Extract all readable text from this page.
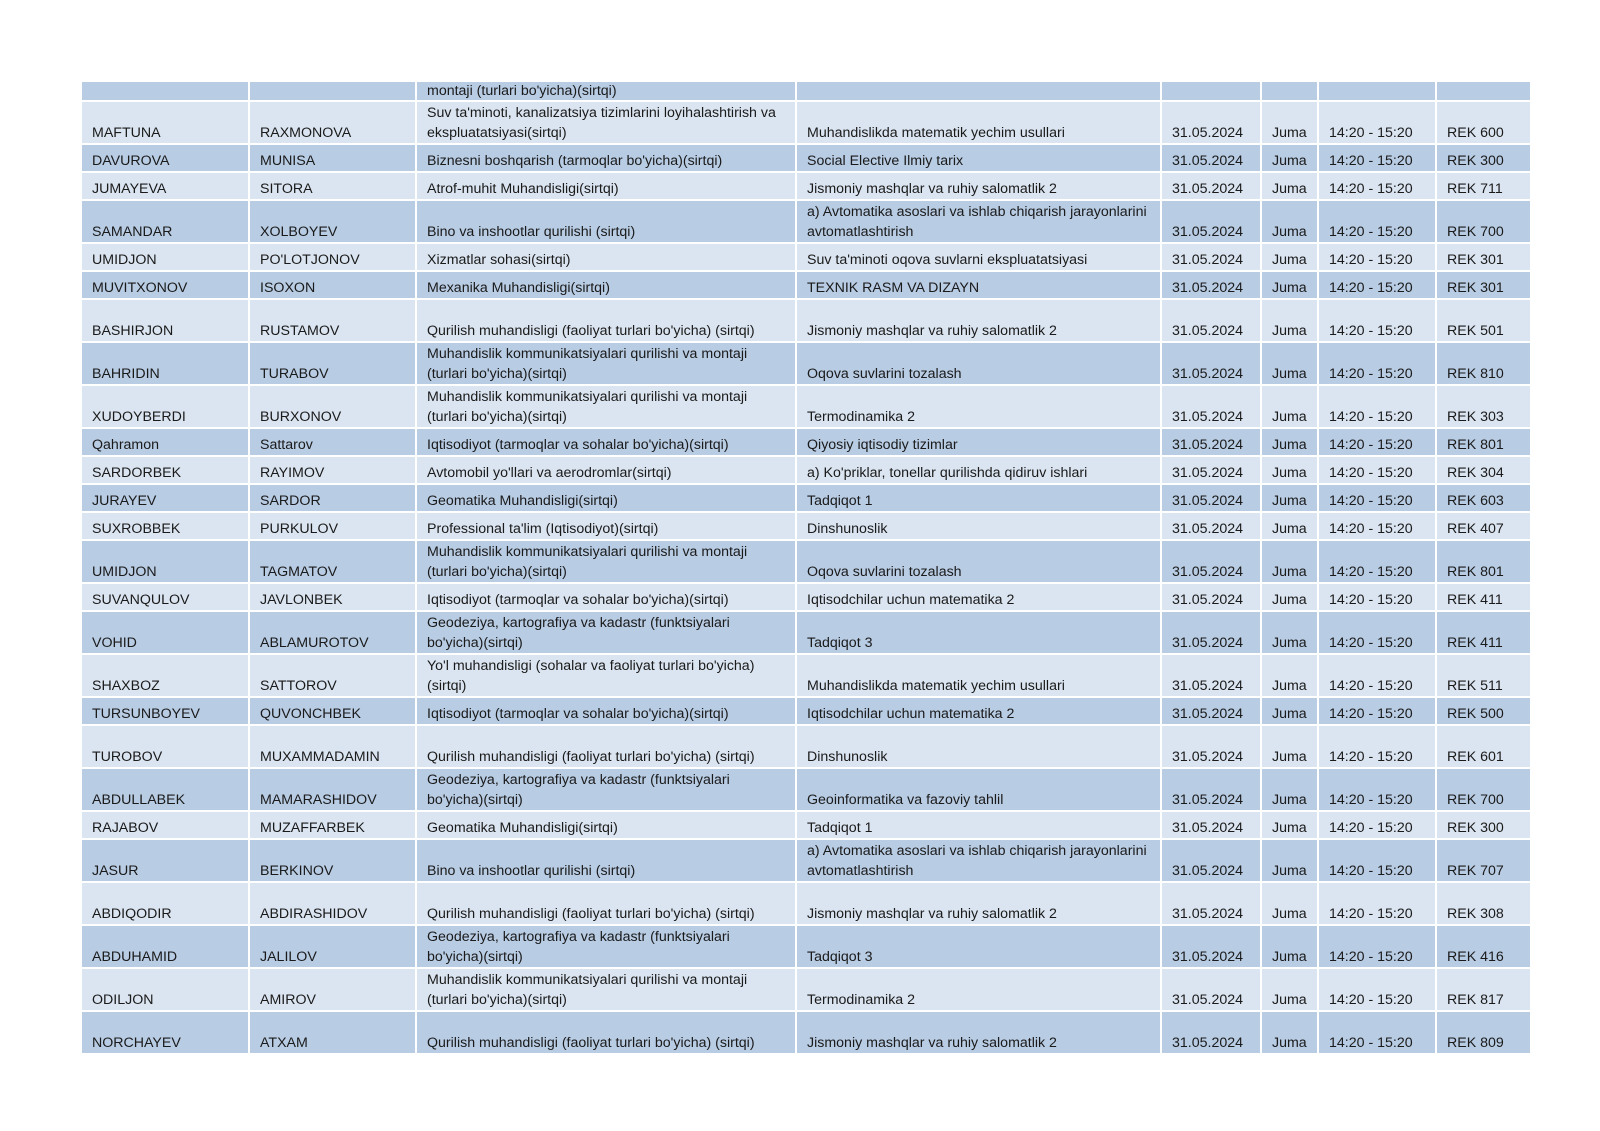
		montaji (turlari bo'yicha)(sirtqi)					
MAFTUNA	RAXMONOVA	Suv ta'minoti, kanalizatsiya tizimlarini loyihalashtirish va ekspluatatsiyasi(sirtqi)	Muhandislikda matematik yechim usullari	31.05.2024	Juma	14:20 - 15:20	REK 600
DAVUROVA	MUNISA	Biznesni boshqarish (tarmoqlar bo'yicha)(sirtqi)	Social Elective Ilmiy tarix	31.05.2024	Juma	14:20 - 15:20	REK 300
JUMAYEVA	SITORA	Atrof-muhit Muhandisligi(sirtqi)	Jismoniy mashqlar va ruhiy salomatlik 2	31.05.2024	Juma	14:20 - 15:20	REK 711
SAMANDAR	XOLBOYEV	Bino va inshootlar qurilishi (sirtqi)	a) Avtomatika asoslari va ishlab chiqarish jarayonlarini avtomatlashtirish	31.05.2024	Juma	14:20 - 15:20	REK 700
UMIDJON	PO'LOTJONOV	Xizmatlar sohasi(sirtqi)	Suv ta'minoti oqova suvlarni ekspluatatsiyasi	31.05.2024	Juma	14:20 - 15:20	REK 301
MUVITXONOV	ISOXON	Mexanika Muhandisligi(sirtqi)	TEXNIK RASM VA DIZAYN	31.05.2024	Juma	14:20 - 15:20	REK 301
BASHIRJON	RUSTAMOV	Qurilish muhandisligi (faoliyat turlari bo'yicha) (sirtqi)	Jismoniy mashqlar va ruhiy salomatlik 2	31.05.2024	Juma	14:20 - 15:20	REK 501
BAHRIDIN	TURABOV	Muhandislik kommunikatsiyalari qurilishi va montaji (turlari bo'yicha)(sirtqi)	Oqova suvlarini tozalash	31.05.2024	Juma	14:20 - 15:20	REK 810
XUDOYBERDI	BURXONOV	Muhandislik kommunikatsiyalari qurilishi va montaji (turlari bo'yicha)(sirtqi)	Termodinamika 2	31.05.2024	Juma	14:20 - 15:20	REK 303
Qahramon	Sattarov	Iqtisodiyot (tarmoqlar va sohalar bo'yicha)(sirtqi)	Qiyosiy iqtisodiy tizimlar	31.05.2024	Juma	14:20 - 15:20	REK 801
SARDORBEK	RAYIMOV	Avtomobil yo'llari va aerodromlar(sirtqi)	a) Ko'priklar, tonellar qurilishda qidiruv ishlari	31.05.2024	Juma	14:20 - 15:20	REK 304
JURAYEV	SARDOR	Geomatika Muhandisligi(sirtqi)	Tadqiqot 1	31.05.2024	Juma	14:20 - 15:20	REK 603
SUXROBBEK	PURKULOV	Professional ta'lim (Iqtisodiyot)(sirtqi)	Dinshunoslik	31.05.2024	Juma	14:20 - 15:20	REK 407
UMIDJON	TAGMATOV	Muhandislik kommunikatsiyalari qurilishi va montaji (turlari bo'yicha)(sirtqi)	Oqova suvlarini tozalash	31.05.2024	Juma	14:20 - 15:20	REK 801
SUVANQULOV	JAVLONBEK	Iqtisodiyot (tarmoqlar va sohalar bo'yicha)(sirtqi)	Iqtisodchilar uchun matematika 2	31.05.2024	Juma	14:20 - 15:20	REK 411
VOHID	ABLAMUROTOV	Geodeziya, kartografiya va kadastr (funktsiyalari bo'yicha)(sirtqi)	Tadqiqot 3	31.05.2024	Juma	14:20 - 15:20	REK 411
SHAXBOZ	SATTOROV	Yo'l muhandisligi (sohalar va faoliyat turlari bo'yicha)(sirtqi)	Muhandislikda matematik yechim usullari	31.05.2024	Juma	14:20 - 15:20	REK 511
TURSUNBOYEV	QUVONCHBEK	Iqtisodiyot (tarmoqlar va sohalar bo'yicha)(sirtqi)	Iqtisodchilar uchun matematika 2	31.05.2024	Juma	14:20 - 15:20	REK 500
TUROBOV	MUXAMMADAMIN	Qurilish muhandisligi (faoliyat turlari bo'yicha) (sirtqi)	Dinshunoslik	31.05.2024	Juma	14:20 - 15:20	REK 601
ABDULLABEK	MAMARASHIDOV	Geodeziya, kartografiya va kadastr (funktsiyalari bo'yicha)(sirtqi)	Geoinformatika va fazoviy tahlil	31.05.2024	Juma	14:20 - 15:20	REK 700
RAJABOV	MUZAFFARBEK	Geomatika Muhandisligi(sirtqi)	Tadqiqot 1	31.05.2024	Juma	14:20 - 15:20	REK 300
JASUR	BERKINOV	Bino va inshootlar qurilishi (sirtqi)	a) Avtomatika asoslari va ishlab chiqarish jarayonlarini avtomatlashtirish	31.05.2024	Juma	14:20 - 15:20	REK 707
ABDIQODIR	ABDIRASHIDOV	Qurilish muhandisligi (faoliyat turlari bo'yicha) (sirtqi)	Jismoniy mashqlar va ruhiy salomatlik 2	31.05.2024	Juma	14:20 - 15:20	REK 308
ABDUHAMID	JALILOV	Geodeziya, kartografiya va kadastr (funktsiyalari bo'yicha)(sirtqi)	Tadqiqot 3	31.05.2024	Juma	14:20 - 15:20	REK 416
ODILJON	AMIROV	Muhandislik kommunikatsiyalari qurilishi va montaji (turlari bo'yicha)(sirtqi)	Termodinamika 2	31.05.2024	Juma	14:20 - 15:20	REK 817
NORCHAYEV	ATXAM	Qurilish muhandisligi (faoliyat turlari bo'yicha) (sirtqi)	Jismoniy mashqlar va ruhiy salomatlik 2	31.05.2024	Juma	14:20 - 15:20	REK 809
